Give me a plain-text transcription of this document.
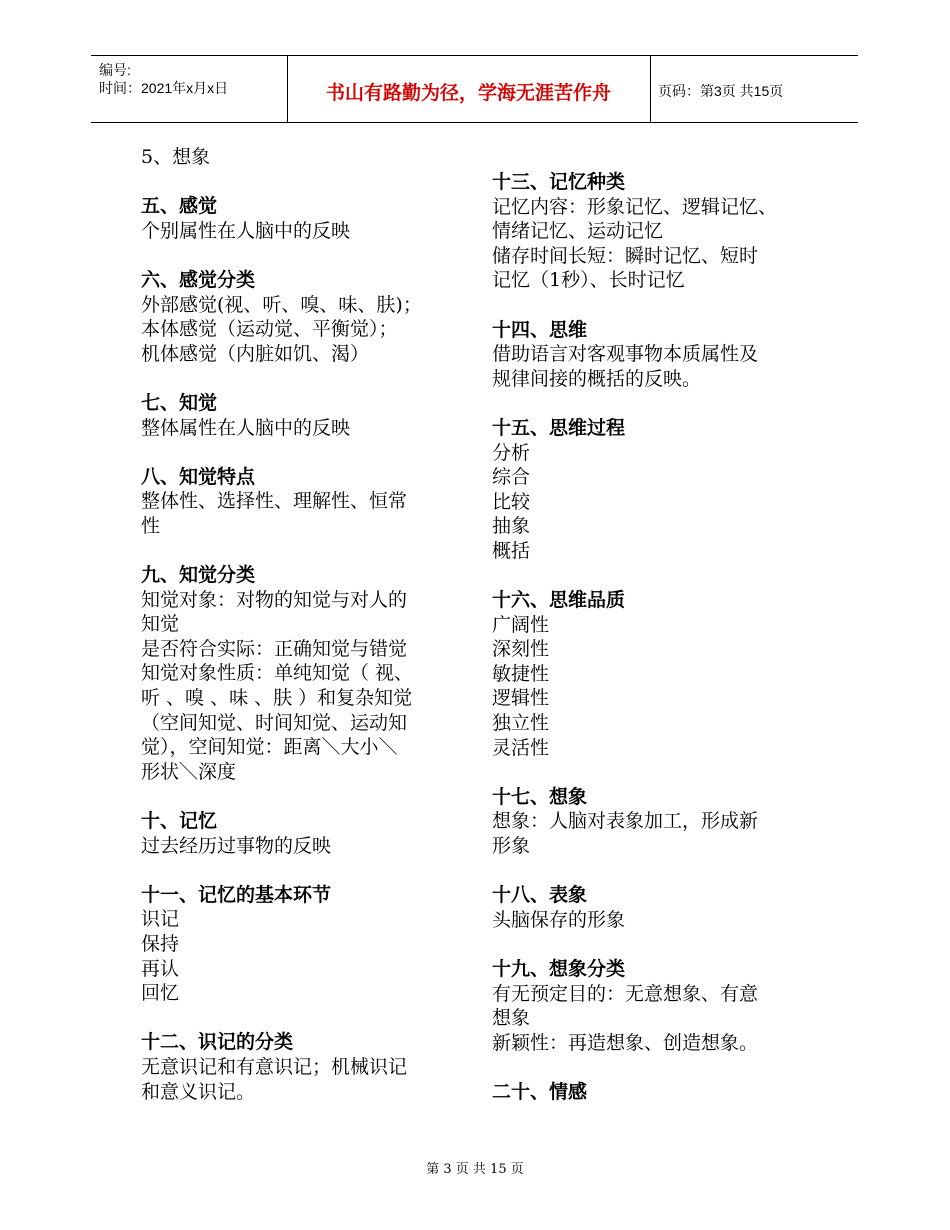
编号:
时间：2021年x月x日	书山有路勤为径，学海无涯苦作舟	页码：第3页 共15页

5、想象

五、感觉

个别属性在人脑中的反映

六、感觉分类

外部感觉(视、听、嗅、味、肤)；

本体感觉（运动觉、平衡觉）；

机体感觉（内脏如饥、渴）

七、知觉

整体属性在人脑中的反映

八、知觉特点

整体性、选择性、理解性、恒常

性

九、知觉分类

知觉对象：对物的知觉与对人的

知觉

是否符合实际：正确知觉与错觉

知觉对象性质：单纯知觉（ 视、

听 、嗅 、味 、肤 ）和复杂知觉

（空间知觉、时间知觉、运动知

觉），空间知觉：距离＼大小＼

形状＼深度

十、记忆

过去经历过事物的反映

十一、记忆的基本环节

识记

保持

再认

回忆

十二、识记的分类

无意识记和有意识记；机械识记

和意义识记。

十三、记忆种类

记忆内容：形象记忆、逻辑记忆、

情绪记忆、运动记忆

储存时间长短：瞬时记忆、短时

记忆（1秒）、长时记忆

十四、思维

借助语言对客观事物本质属性及

规律间接的概括的反映。

十五、思维过程

分析

综合

比较

抽象

概括

十六、思维品质

广阔性

深刻性

敏捷性

逻辑性

独立性

灵活性

十七、想象

想象：人脑对表象加工，形成新

形象

十八、表象

头脑保存的形象

十九、想象分类

有无预定目的：无意想象、有意

想象

新颖性：再造想象、创造想象。

二十、情感

第 3 页 共 15 页
